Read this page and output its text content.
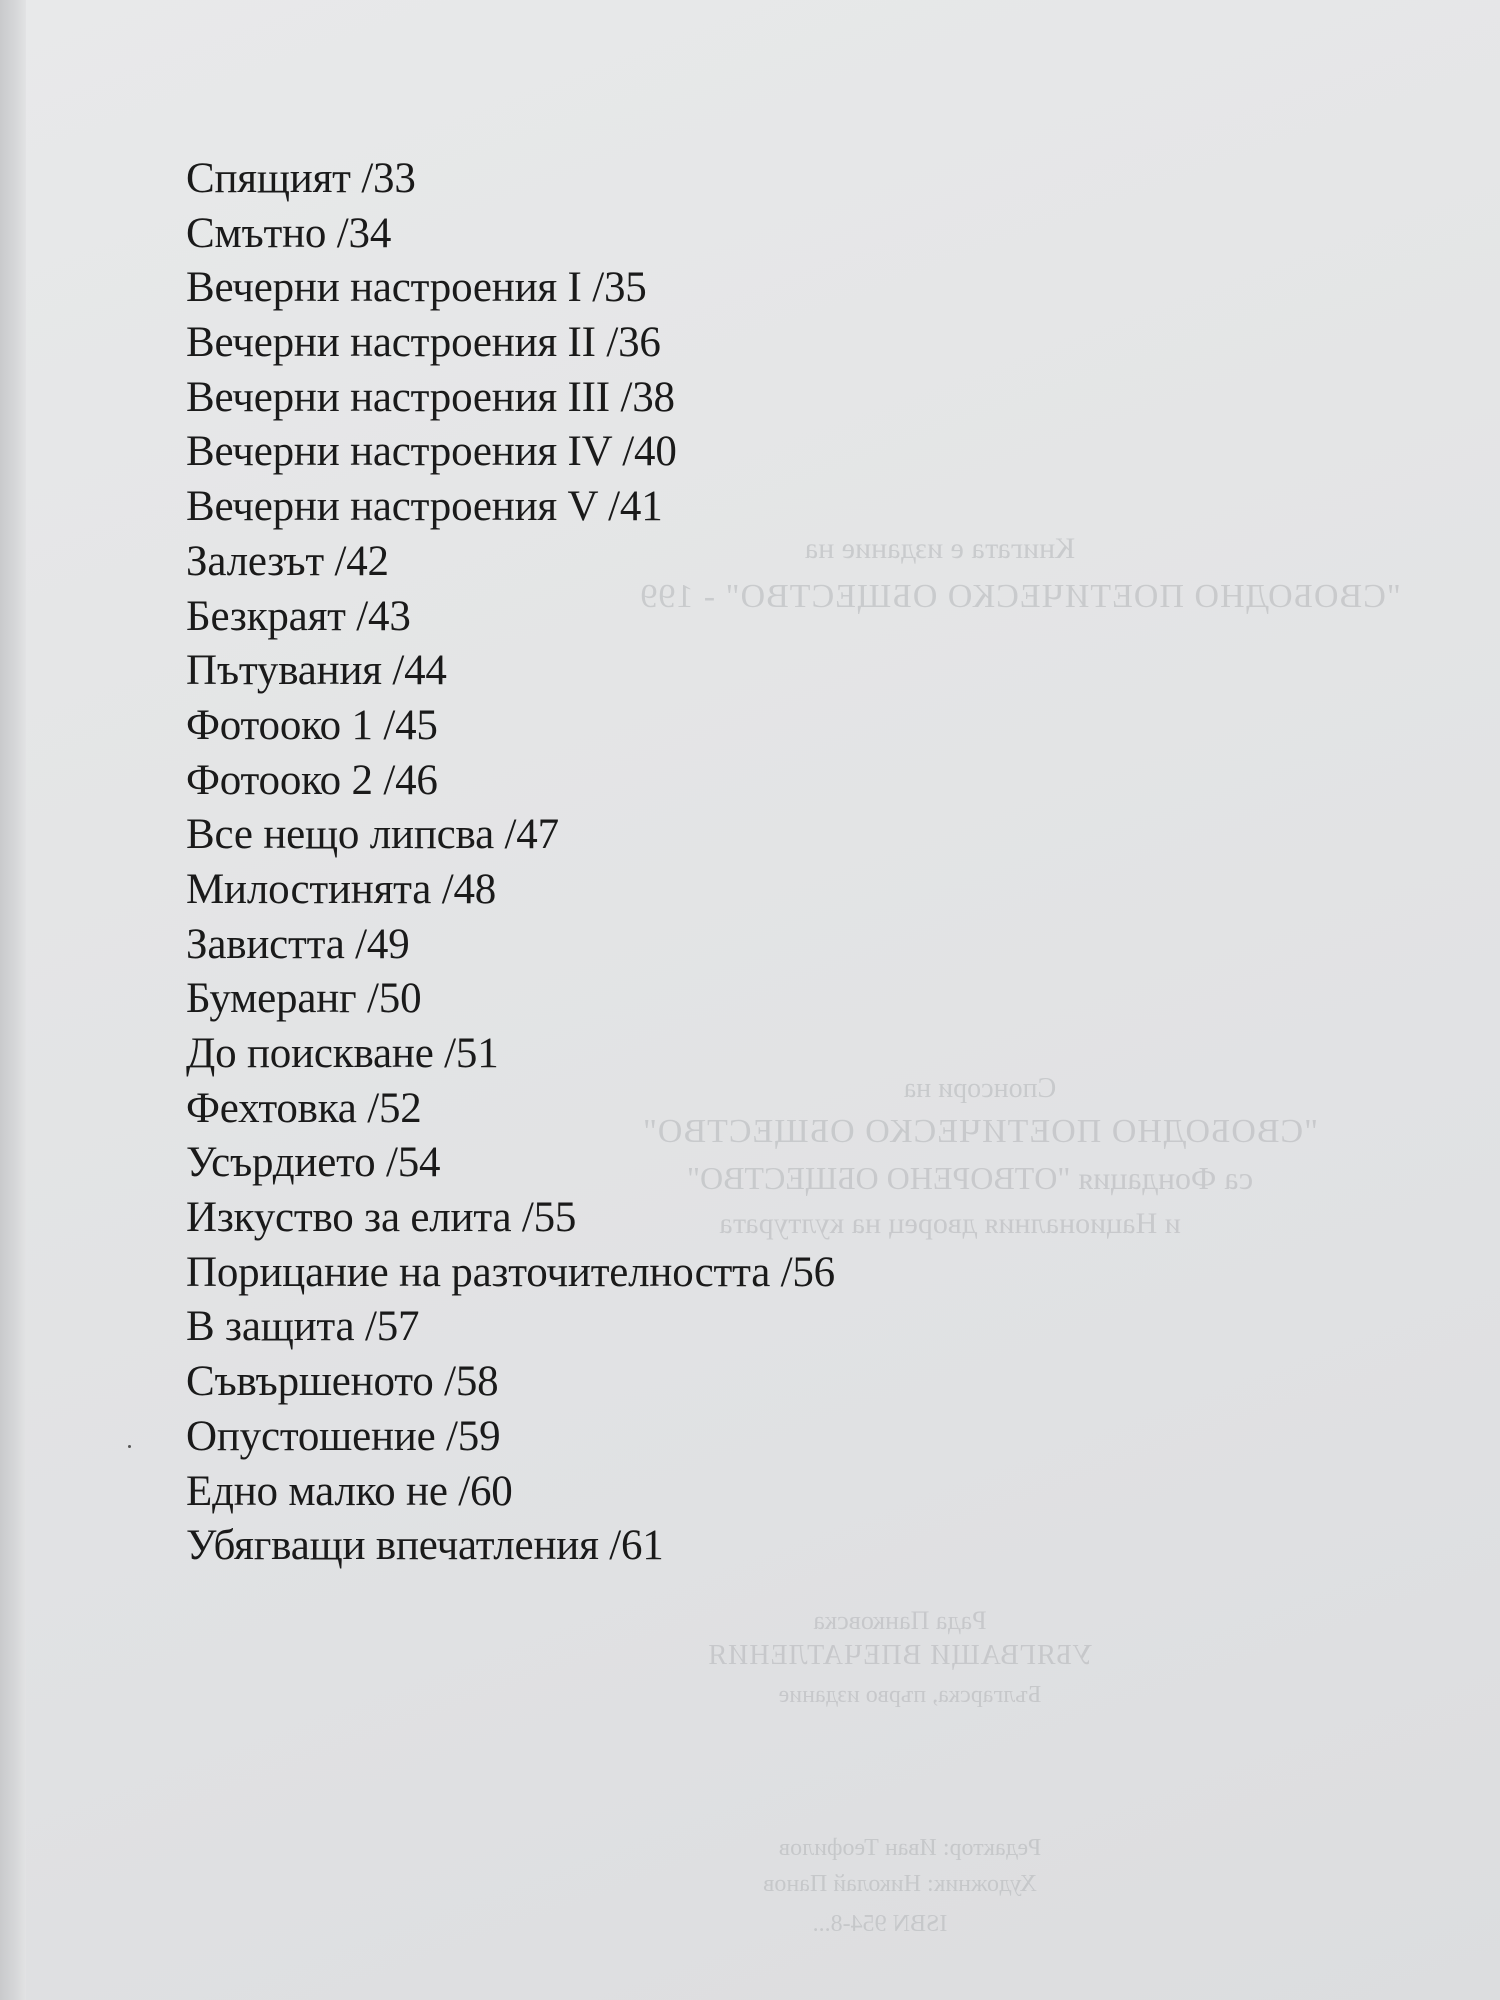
Книгата е издание на
"СВОБОДНО ПОЕТИЧЕСКО ОБЩЕСТВО" - 199
Спонсори на
"СВОБОДНО ПОЕТИЧЕСКО ОБЩЕСТВО"
са Фондация "ОТВОРЕНО ОБЩЕСТВО"
и Националния дворец на културата
Рада Панковска
УБЯГВАЩИ ВПЕЧАТЛЕНИЯ
Българска, първо издание
Редактор: Иван Теофилов
Художник: Николай Панов
ISBN 954-8...
Спящият /33
Смътно /34
Вечерни настроения I /35
Вечерни настроения II /36
Вечерни настроения III /38
Вечерни настроения IV /40
Вечерни настроения V /41
Залезът /42
Безкраят /43
Пътувания /44
Фотооко 1 /45
Фотооко 2 /46
Все нещо липсва /47
Милостинята /48
Завистта /49
Бумеранг /50
До поискване /51
Фехтовка /52
Усърдието /54
Изкуство за елита /55
Порицание на разточителността /56
В защита /57
Съвършеното /58
Опустошение /59
Едно малко не /60
Убягващи впечатления /61
